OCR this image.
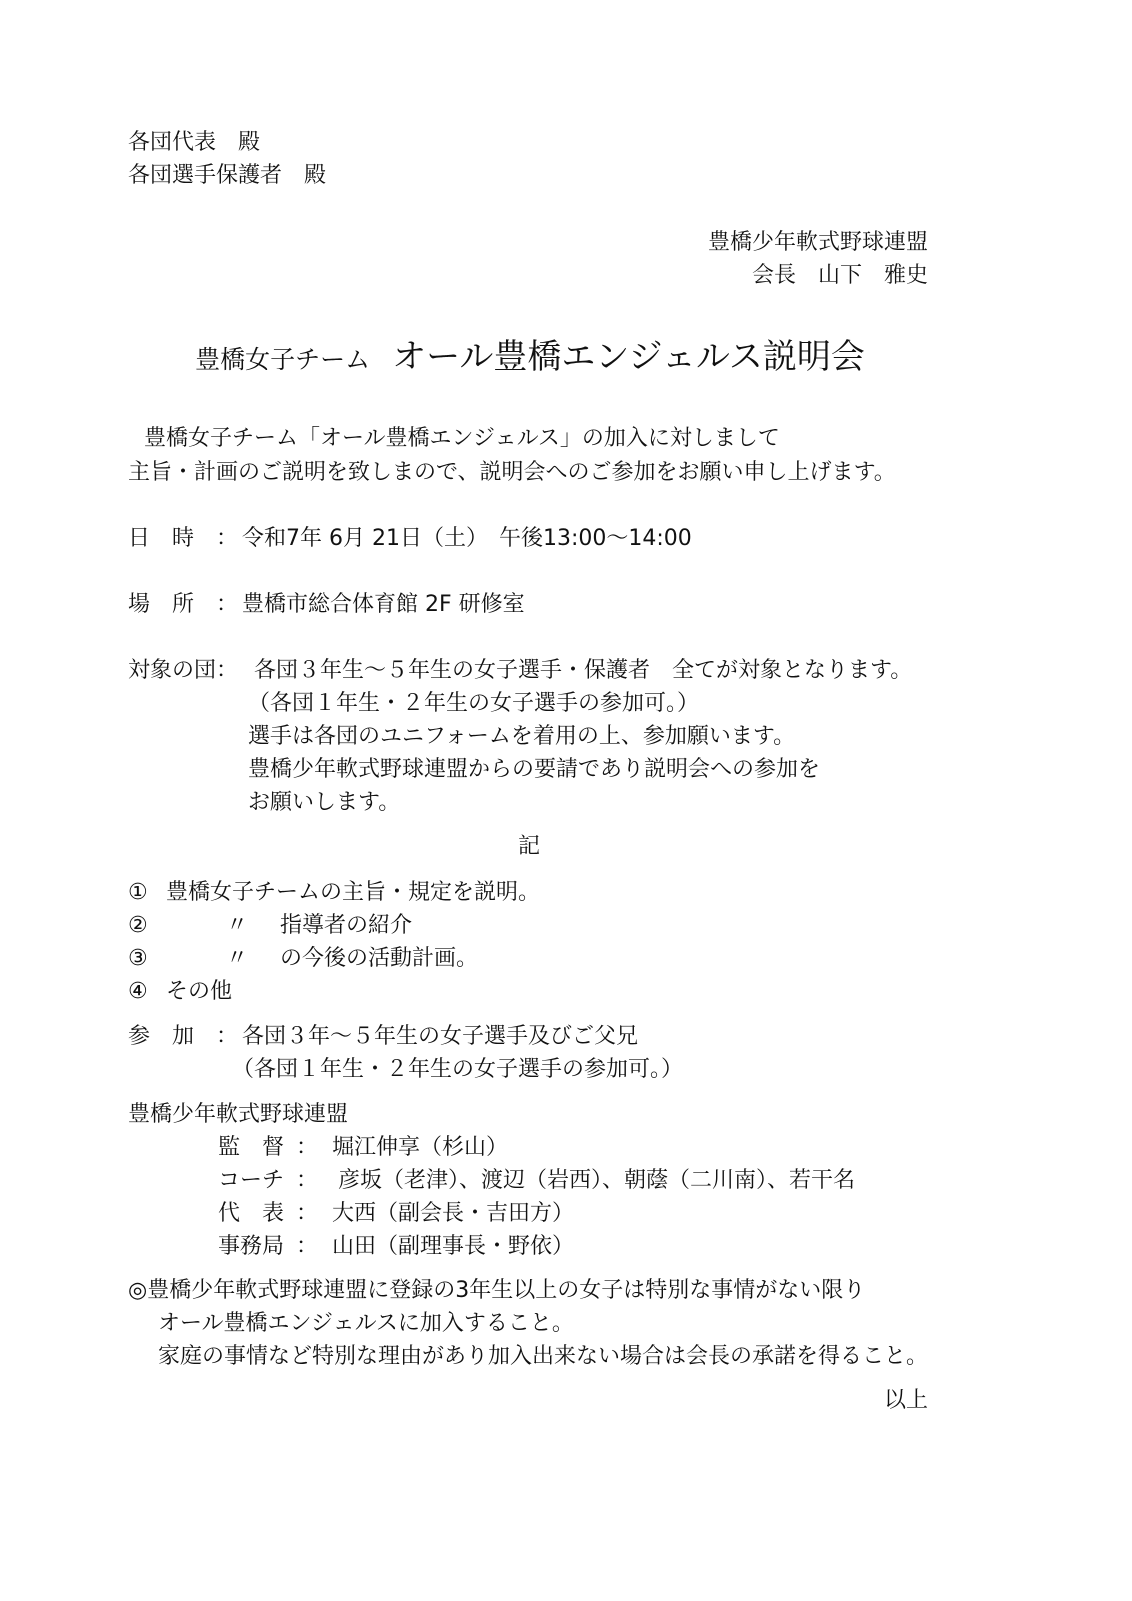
各団代表　殿
各団選手保護者　殿
豊橋少年軟式野球連盟
会長　山下　雅史
豊橋女子チーム オール豊橋エンジェルス説明会
豊橋女子チーム「オール豊橋エンジェルス」の加入に対しまして
主旨・計画のご説明を致しまので、説明会へのご参加をお願い申し上げます。
日　時　： 令和7年 6月 21日（土）　午後13:00～14:00
場　所　： 豊橋市総合体育館 2F 研修室
対象の団： 各団３年生～５年生の女子選手・保護者　全てが対象となります。
（各団１年生・２年生の女子選手の参加可。）
選手は各団のユニフォームを着用の上、参加願います。
豊橋少年軟式野球連盟からの要請であり説明会への参加を
お願いします。
記
① 豊橋女子チームの主旨・規定を説明。
②	〃 指導者の紹介
③	〃 の今後の活動計画。
④ その他
参　加　： 各団３年～５年生の女子選手及びご父兄
（各団１年生・２年生の女子選手の参加可。）
豊橋少年軟式野球連盟
監　督 ： 堀江伸享（杉山）
コーチ ： 彦坂（老津）、渡辺（岩西）、朝蔭（二川南）、若干名
代　表 ： 大西（副会長・吉田方）
事務局 ： 山田（副理事長・野依）
◎豊橋少年軟式野球連盟に登録の3年生以上の女子は特別な事情がない限り
オール豊橋エンジェルスに加入すること。
家庭の事情など特別な理由があり加入出来ない場合は会長の承諾を得ること。
以上
